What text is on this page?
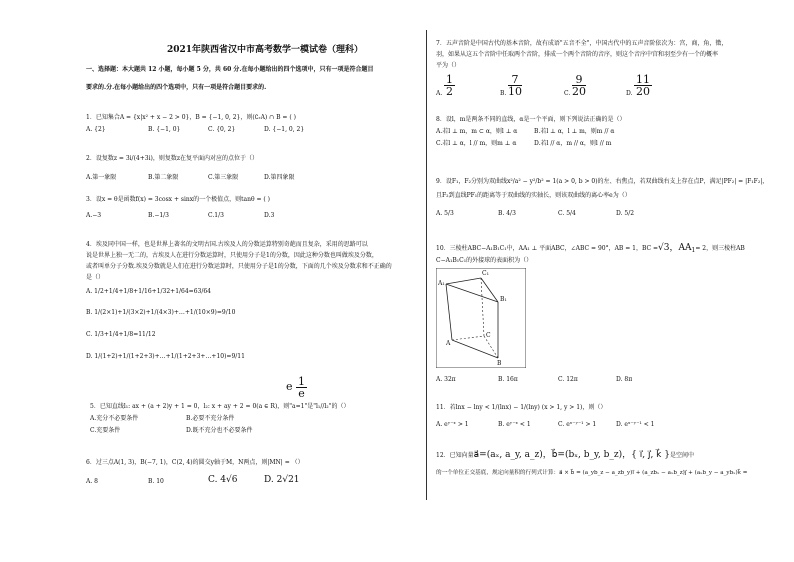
2021年陕西省汉中市高考数学一模试卷（理科）
一、选择题：本大题共 12 小题，每小题 5 分，共 60 分.在每小题给出的四个选项中，只有一项是符合题目
要求的.分.在每小题给出的四个选项中，只有一项是符合题目要求的.
1．已知集合A = {x|x² + x − 2 > 0}，B = {−1, 0, 2}，则(∁ᵣA) ∩ B = ( )
A. {2}	B. {−1, 0}	C. {0, 2}	D. {−1, 0, 2}
2．设复数z = 3i/(4+3i)，则复数z在复平面内对应的点位于（）
A.第一象限	B.第二象限	C.第三象限	D.第四象限
3．设x = θ是函数f(x) = 3cosx + sinx的一个极值点，则tanθ = ( )
A.−3	B.−1/3	C.1/3	D.3
4．埃及同中国一样，也是世界上著名的文明古国.古埃及人的分数运算特别奇葩而且复杂，采用的思路可以
说是世界上独一无二的，古埃及人在进行分数运算时，只使用分子是1的分数，因此这种分数也叫做埃及分数，
或者叫单分子分数.埃及分数就是人们在进行分数运算时，只使用分子是1的分数，下面的几个埃及分数求和不正确的
是（）
A. 1/2+1/4+1/8+1/16+1/32+1/64=63/64
B. 1/(2×1)+1/(3×2)+1/(4×3)+…+1/(10×9)=9/10
C. 1/3+1/4+1/8=11/12
D. 1/(1+2)+1/(1+2+3)+…+1/(1+2+3+…+10)=9/11
5．已知直线l₁: ax + (a + 2)y + 1 = 0，l₂: x + ay + 2 = 0(a ∈ R)，则"a=1"是"l₁//l₂"的（）
e $\frac{1}{e}$
A.充分不必要条件	B.必要不充分条件
C.充要条件	D.既不充分也不必要条件
6．过三点A(1, 3)，B(−7, 1)，C(2, 4)的圆交y轴于M，N两点，则|MN| = （）
A. 8	B. 10	C. 4√6	D. 2√21
7．五声音阶是中国古代的基本音阶，故有成语"五音不全"，中国古代中的五声音阶依次为：宫，商，角，徵，
羽，如果从这五个音阶中任取两个音阶，排成一个两个音阶的音序，则这个音序中宫和羽至少有一个的概率
平为（）
A. $\frac{1}{2}$	B. $\frac{7}{10}$	C. $\frac{9}{20}$	D. $\frac{11}{20}$
8．设l，m是两条不同的直线，α是一个平面，则下列说法正确的是（）
A.若l ⊥ m，m ⊂ α，则l ⊥ α	B.若l ⊥ α，l ⊥ m，则m // α
C.若l ⊥ α，l // m，则m ⊥ α	D.若l // α，m // α，则l // m
9．设F₁，F₂分别为双曲线x²/a² − y²/b² = 1(a > 0, b > 0)的左、右焦点，若双曲线右支上存在点P，满足|PF₂| = |F₁F₂|，
且F₂到直线PF₁的距离等于双曲线的实轴长，则该双曲线的离心率e为（）
A. 5/3	B. 4/3	C. 5/4	D. 5/2
10．三棱柱ABC−A₁B₁C₁中，AA₁ ⊥ 平面ABC，∠ABC = 90°，AB = 1，BC =√3，$AA_1= 2$，则三棱柱AB
C−A₁B₁C₁的外接球的表面积为（）
A₁
C₁
B₁
A
C
B
A. 32π	B. 16π	C. 12π	D. 8π
11．若lnx − lny < 1/(lnx) − 1/(lny) (x > 1, y > 1)，则（）
A. eʸ⁻ˣ > 1	B. eʸ⁻ˣ < 1	C. eˣ⁻ʸ⁻¹ > 1	D. eˣ⁻ʸ⁻¹ < 1
12．已知向量a⃗=(aₓ, a_y, a_z)，b⃗=(bₓ, b_y, b_z)，{ i⃗, j⃗, k⃗ }是空间中
的一个单位正交基底，规定向量积的行列式计算：a⃗ × b⃗ = (a_yb_z − a_zb_y)i⃗ + (a_zbₓ − aₓb_z)j⃗ + (aₓb_y − a_ybₓ)k⃗ =
